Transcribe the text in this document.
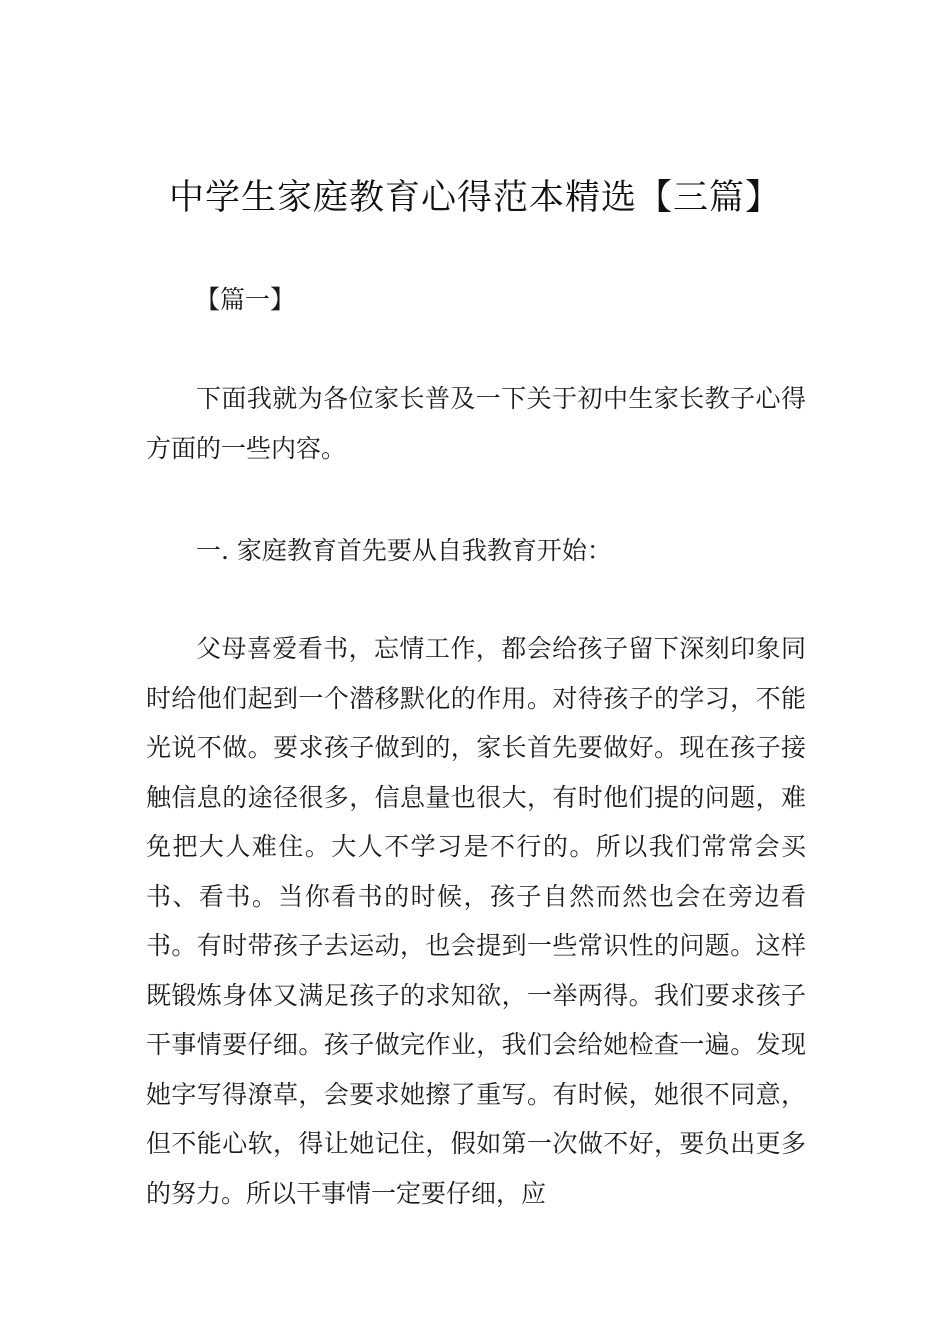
中学生家庭教育心得范本精选【三篇】

【篇一】

下面我就为各位家长普及一下关于初中生家长教子心得方面的一些内容。

一. 家庭教育首先要从自我教育开始：

父母喜爱看书，忘情工作，都会给孩子留下深刻印象同时给他们起到一个潜移默化的作用。对待孩子的学习，不能光说不做。要求孩子做到的，家长首先要做好。现在孩子接触信息的途径很多，信息量也很大，有时他们提的问题，难免把大人难住。大人不学习是不行的。所以我们常常会买书、看书。当你看书的时候，孩子自然而然也会在旁边看书。有时带孩子去运动，也会提到一些常识性的问题。这样既锻炼身体又满足孩子的求知欲，一举两得。我们要求孩子干事情要仔细。孩子做完作业，我们会给她检查一遍。发现她字写得潦草，会要求她擦了重写。有时候，她很不同意，但不能心软，得让她记住，假如第一次做不好，要负出更多的努力。所以干事情一定要仔细，应
